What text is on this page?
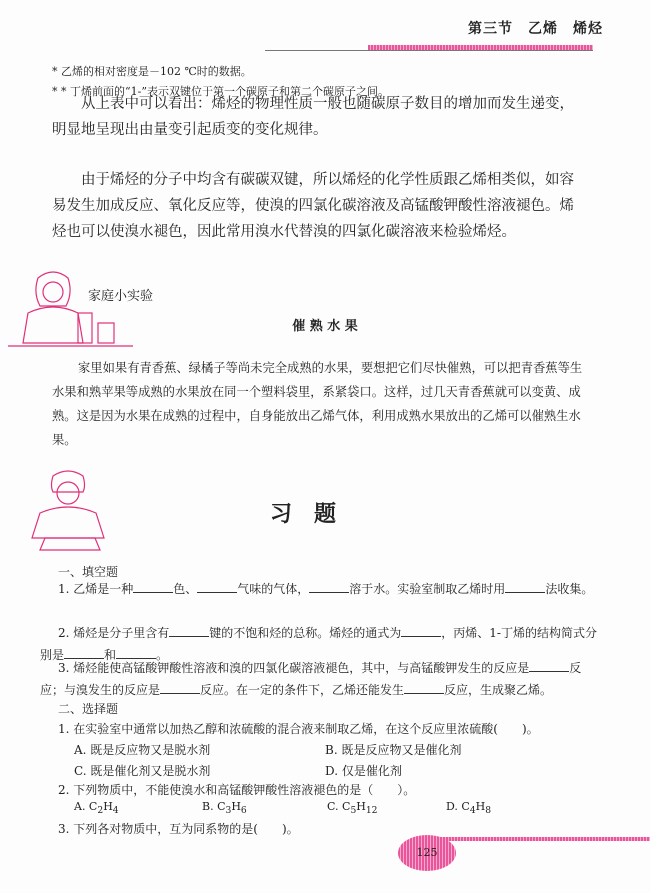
第三节　乙烯　烯烃
* 乙烯的相对密度是－102 ℃时的数据。
* * 丁烯前面的“1-”表示双键位于第一个碳原子和第二个碳原子之间。
从上表中可以看出：烯烃的物理性质一般也随碳原子数目的增加而发生递变，明显地呈现出由量变引起质变的变化规律。
由于烯烃的分子中均含有碳碳双键，所以烯烃的化学性质跟乙烯相类似，如容易发生加成反应、氧化反应等，使溴的四氯化碳溶液及高锰酸钾酸性溶液褪色。烯烃也可以使溴水褪色，因此常用溴水代替溴的四氯化碳溶液来检验烯烃。
家庭小实验
催 熟 水 果
家里如果有青香蕉、绿橘子等尚未完全成熟的水果，要想把它们尽快催熟，可以把青香蕉等生水果和熟苹果等成熟的水果放在同一个塑料袋里，系紧袋口。这样，过几天青香蕉就可以变黄、成熟。这是因为水果在成熟的过程中，自身能放出乙烯气体，利用成熟水果放出的乙烯可以催熟生水果。
习　题
一、填空题
1. 乙烯是一种	色、	气味的气体，	溶于水。实验室制取乙烯时用	法收集。
2. 烯烃是分子里含有	键的不饱和烃的总称。烯烃的通式为	，丙烯、1-丁烯的结构简式分别是	和	。
3. 烯烃能使高锰酸钾酸性溶液和溴的四氯化碳溶液褪色，其中，与高锰酸钾发生的反应是	反应；与溴发生的反应是	反应。在一定的条件下，乙烯还能发生	反应，生成聚乙烯。
二、选择题
1. 在实验室中通常以加热乙醇和浓硫酸的混合液来制取乙烯，在这个反应里浓硫酸(　　)。
A. 既是反应物又是脱水剂	B. 既是反应物又是催化剂
C. 既是催化剂又是脱水剂	D. 仅是催化剂
2. 下列物质中，不能使溴水和高锰酸钾酸性溶液褪色的是（　　）。
A. $C_2H_4$	B. $C_3H_6$	C. $C_5H_{12}$	D. $C_4H_8$
3. 下列各对物质中，互为同系物的是(　　)。
125
